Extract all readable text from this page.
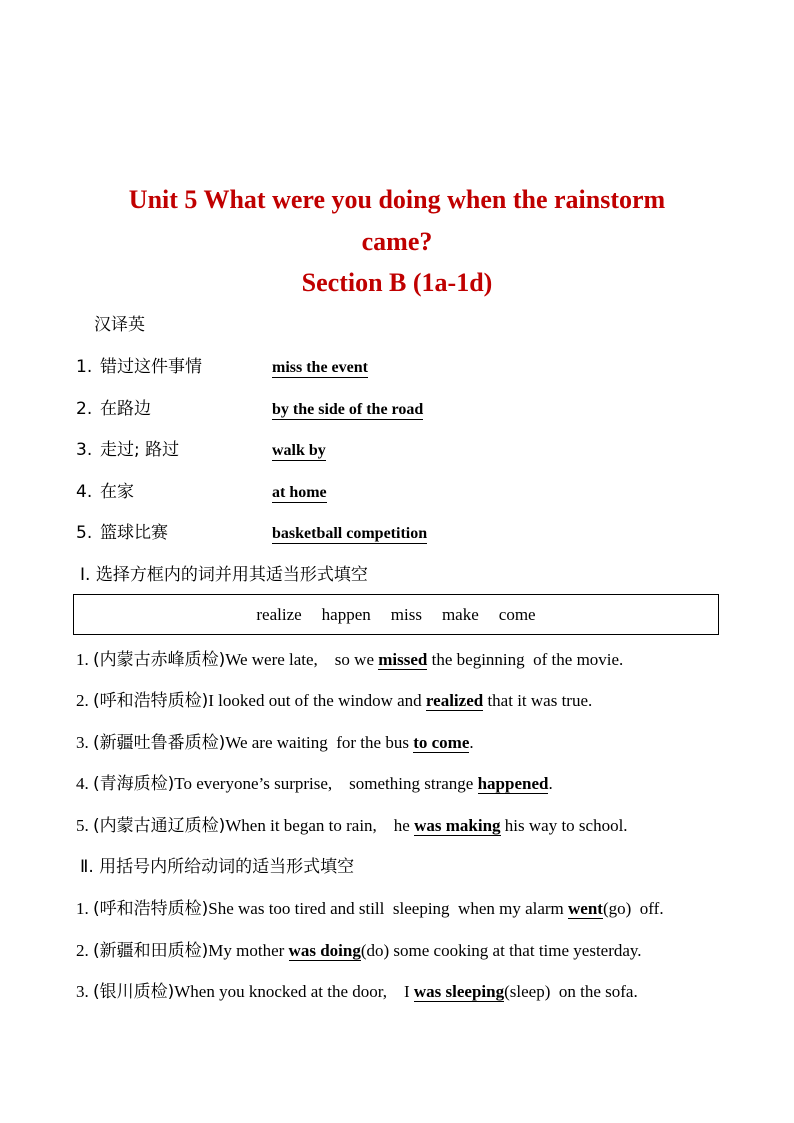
Unit 5 What were you doing when the rainstorm
came?
Section B (1a-1d)
汉译英
1. 错过这件事情	miss the event
2. 在路边	by the side of the road
3. 走过; 路过	walk by
4. 在家	at home
5. 篮球比赛	basketball competition
Ⅰ. 选择方框内的词并用其适当形式填空
realize happen miss make come
1. (内蒙古赤峰质检)We were late,    so we missed the beginning  of the movie.
2. (呼和浩特质检)I looked out of the window and realized that it was true.
3. (新疆吐鲁番质检)We are waiting  for the bus to come.
4. (青海质检)To everyone’s surprise,    something strange happened.
5. (内蒙古通辽质检)When it began to rain,    he was making his way to school.
Ⅱ. 用括号内所给动词的适当形式填空
1. (呼和浩特质检)She was too tired and still  sleeping  when my alarm went(go)  off.
2. (新疆和田质检)My mother was doing(do) some cooking at that time yesterday.
3. (银川质检)When you knocked at the door,    I was sleeping(sleep)  on the sofa.
